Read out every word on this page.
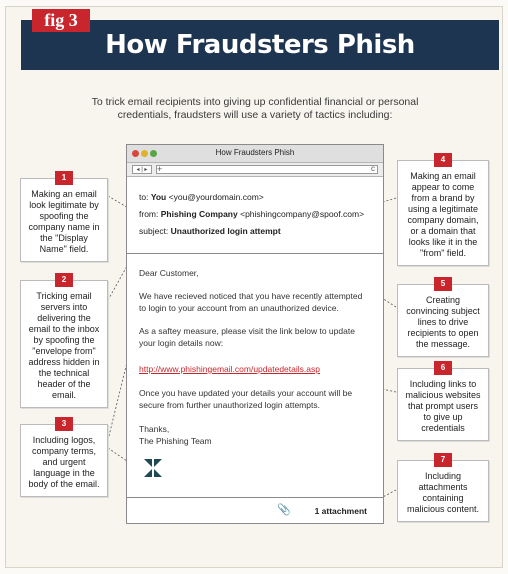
How Fraudsters Phish
fig 3
To trick email recipients into giving up confidential financial or personal credentials, fraudsters will use a variety of tactics including:
How Fraudsters Phish
◂ | ▸	+	c
to: You <you@yourdomain.com>
from: Phishing Company <phishingcompany@spoof.com>
subject: Unauthorized login attempt
Dear Customer,
We have recieved noticed that you have recently attempted
to login to your account from an unauthorized device.
As a saftey measure, please visit the link below to update
your login details now:
http://www.phishingemail.com/updatedetails.asp
Once you have updated your details your account will be
secure from further unauthorized login attempts.
Thanks,
The Phishing Team
📎	1 attachment
1
Making an email look legitimate by spoofing the company name in the "Display Name" field.
2
Tricking email servers into delivering the email to the inbox by spoofing the "envelope from" address hidden in the technical header of the email.
3
Including logos, company terms, and urgent language in the body of the email.
4
Making an email appear to come from a brand by using a legitimate company domain, or a domain that looks like it in the "from" field.
5
Creating convincing subject lines to drive recipients to open the message.
6
Including links to malicious websites that prompt users to give up credentials
7
Including attachments containing malicious content.
